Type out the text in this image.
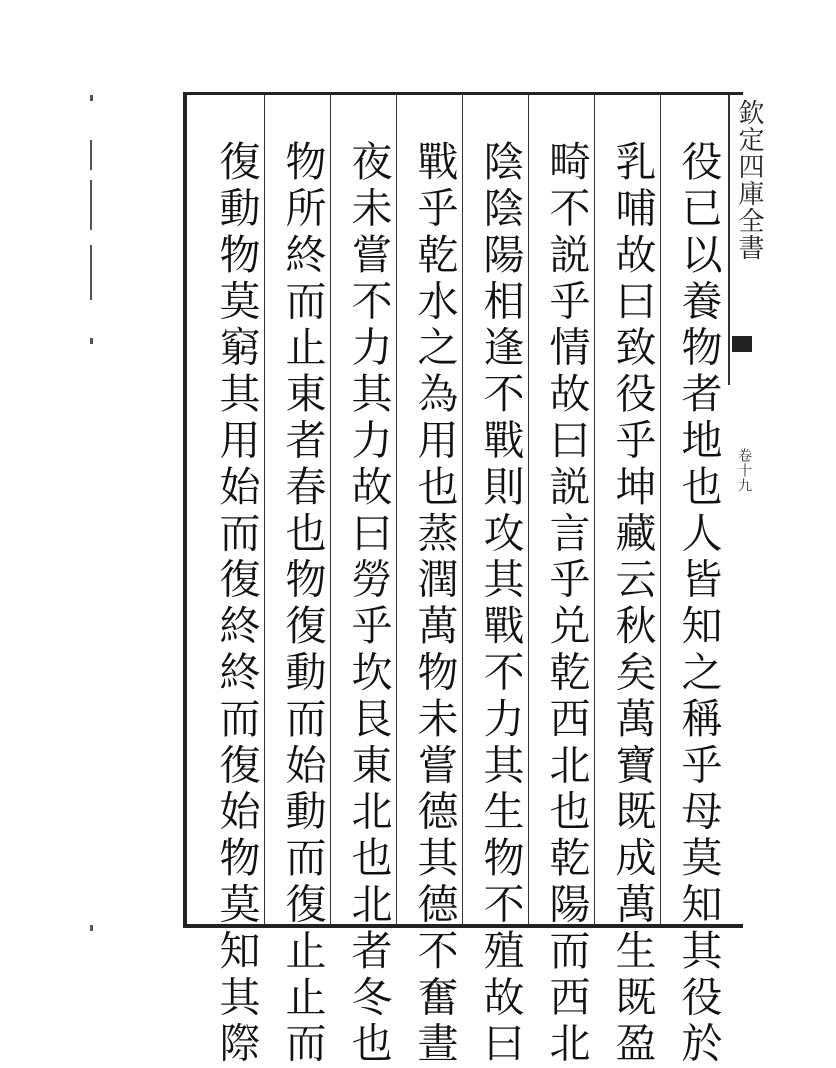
役已以養物者地也人皆知之稱乎母莫知其役於
乳哺故曰致役乎坤藏云秋矣萬寶既成萬生既盈
畸不説乎情故曰説言乎兑乾西北也乾陽而西北
陰陰陽相逢不戰則攻其戰不力其生物不殖故曰
戰乎乾水之為用也蒸潤萬物未嘗德其德不奮晝
夜未嘗不力其力故曰勞乎坎艮東北也北者冬也
物所終而止東者春也物復動而始動而復止止而
復動物莫窮其用始而復終終而復始物莫知其際	欽定四庫全書
卷十九
